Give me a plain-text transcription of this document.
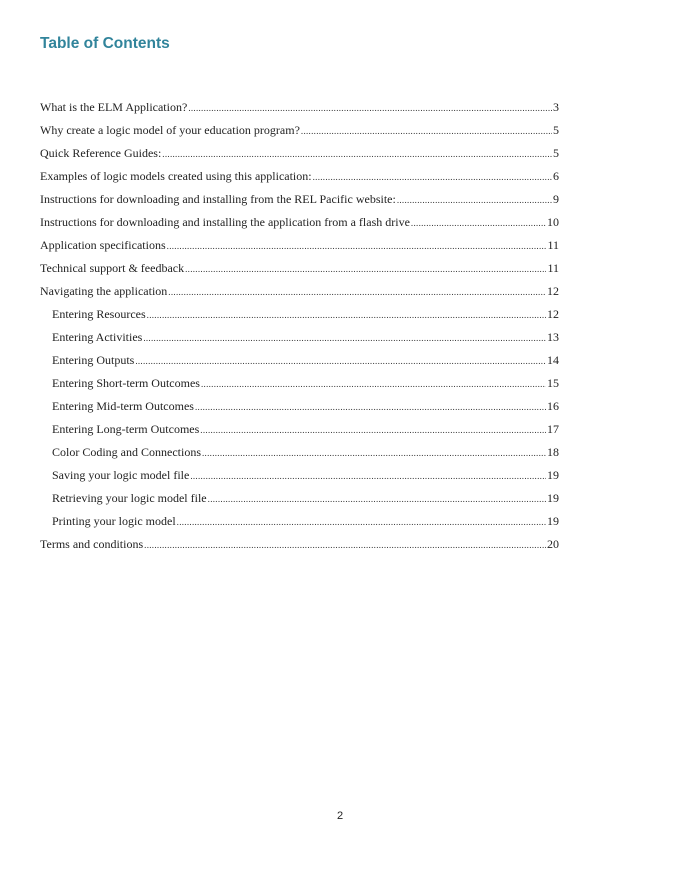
Table of Contents
What is the ELM Application? .....	3
Why create a logic model of your education program? .....	5
Quick Reference Guides: .....	5
Examples of logic models created using this application: .....	6
Instructions for downloading and installing from the REL Pacific website: .....	9
Instructions for downloading and installing the application from a flash drive .....	10
Application specifications .....	11
Technical support & feedback .....	11
Navigating the application .....	12
Entering Resources .....	12
Entering Activities .....	13
Entering Outputs .....	14
Entering Short-term Outcomes .....	15
Entering Mid-term Outcomes .....	16
Entering Long-term Outcomes .....	17
Color Coding and Connections .....	18
Saving your logic model file .....	19
Retrieving your logic model file .....	19
Printing your logic model .....	19
Terms and conditions .....	20
2
